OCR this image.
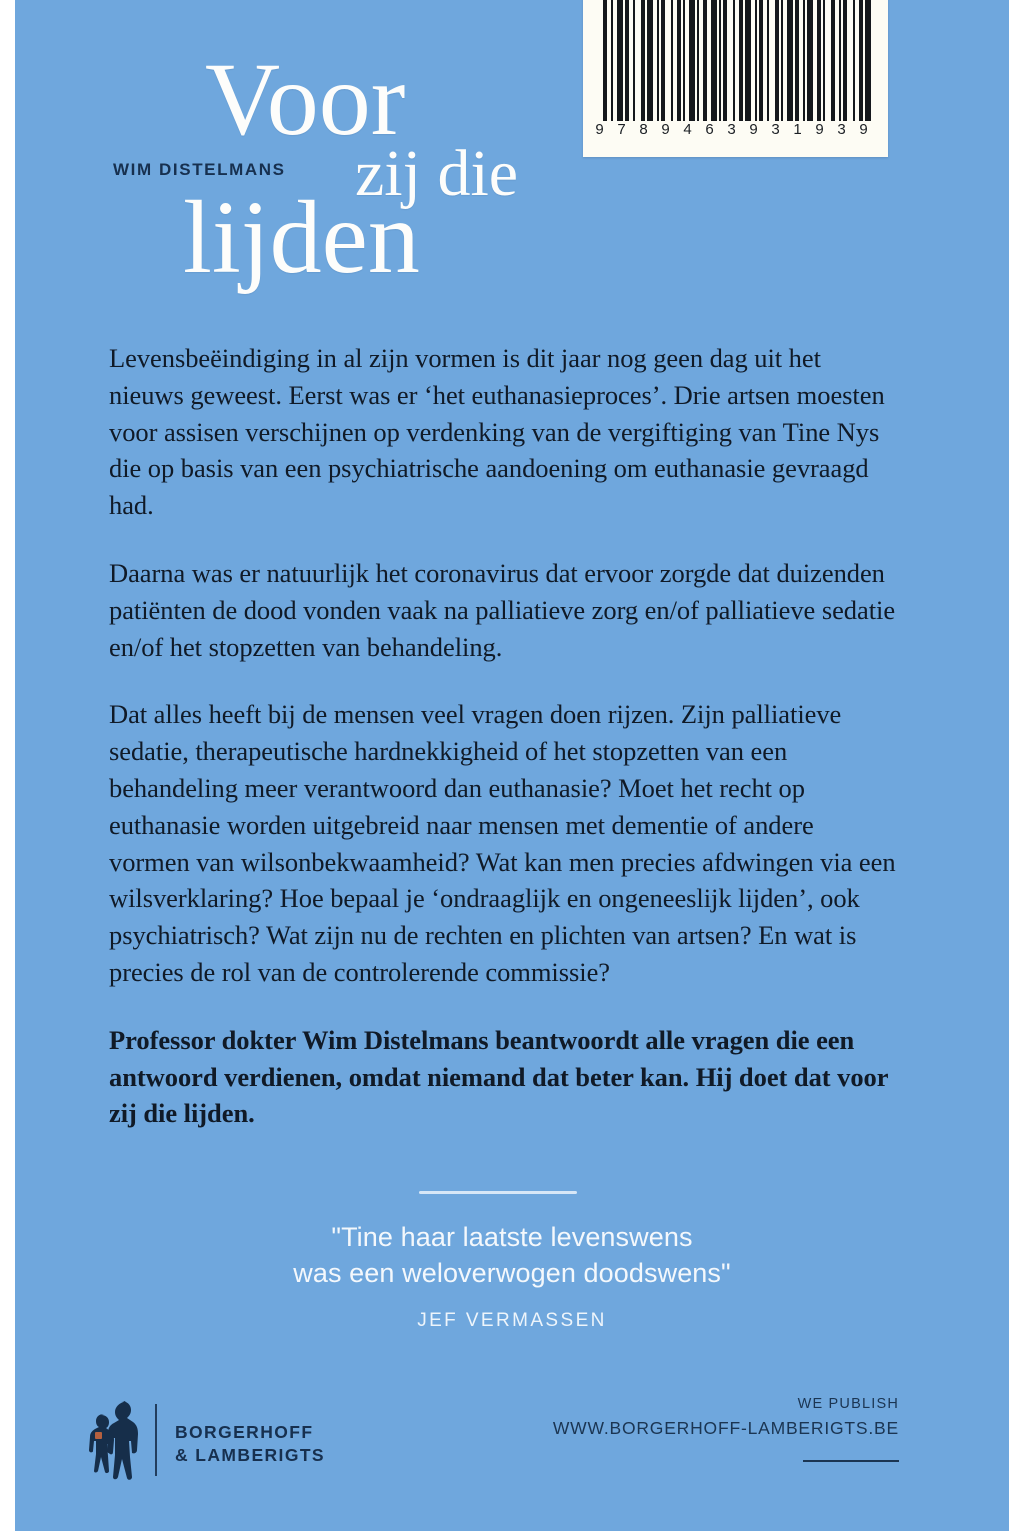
9 7 8 9 4 6 3 9 3 1 9 3 9
Voor
zij die
lijden
WIM DISTELMANS

Levensbeëindiging in al zijn vormen is dit jaar nog geen dag uit het nieuws geweest. Eerst was er ‘het euthanasieproces’. Drie artsen moesten voor assisen verschijnen op verdenking van de vergiftiging van Tine Nys die op basis van een psychiatrische aandoening om euthanasie gevraagd had.

Daarna was er natuurlijk het coronavirus dat ervoor zorgde dat duizenden patiënten de dood vonden vaak na palliatieve zorg en/of palliatieve sedatie en/of het stopzetten van behandeling.

Dat alles heeft bij de mensen veel vragen doen rijzen. Zijn palliatieve sedatie, therapeutische hardnekkigheid of het stopzetten van een behandeling meer verantwoord dan euthanasie? Moet het recht op euthanasie worden uitgebreid naar mensen met dementie of andere vormen van wilsonbekwaamheid? Wat kan men precies afdwingen via een wilsverklaring? Hoe bepaal je ‘ondraaglijk en ongeneeslijk lijden’, ook psychiatrisch? Wat zijn nu de rechten en plichten van artsen? En wat is precies de rol van de controlerende commissie?

Professor dokter Wim Distelmans beantwoordt alle vragen die een antwoord verdienen, omdat niemand dat beter kan. Hij doet dat voor zij die lijden.

"Tine haar laatste levenswens
was een weloverwogen doodswens"
JEF VERMASSEN
BORGERHOFF
& LAMBERIGTS
WE PUBLISH
WWW.BORGERHOFF-LAMBERIGTS.BE
